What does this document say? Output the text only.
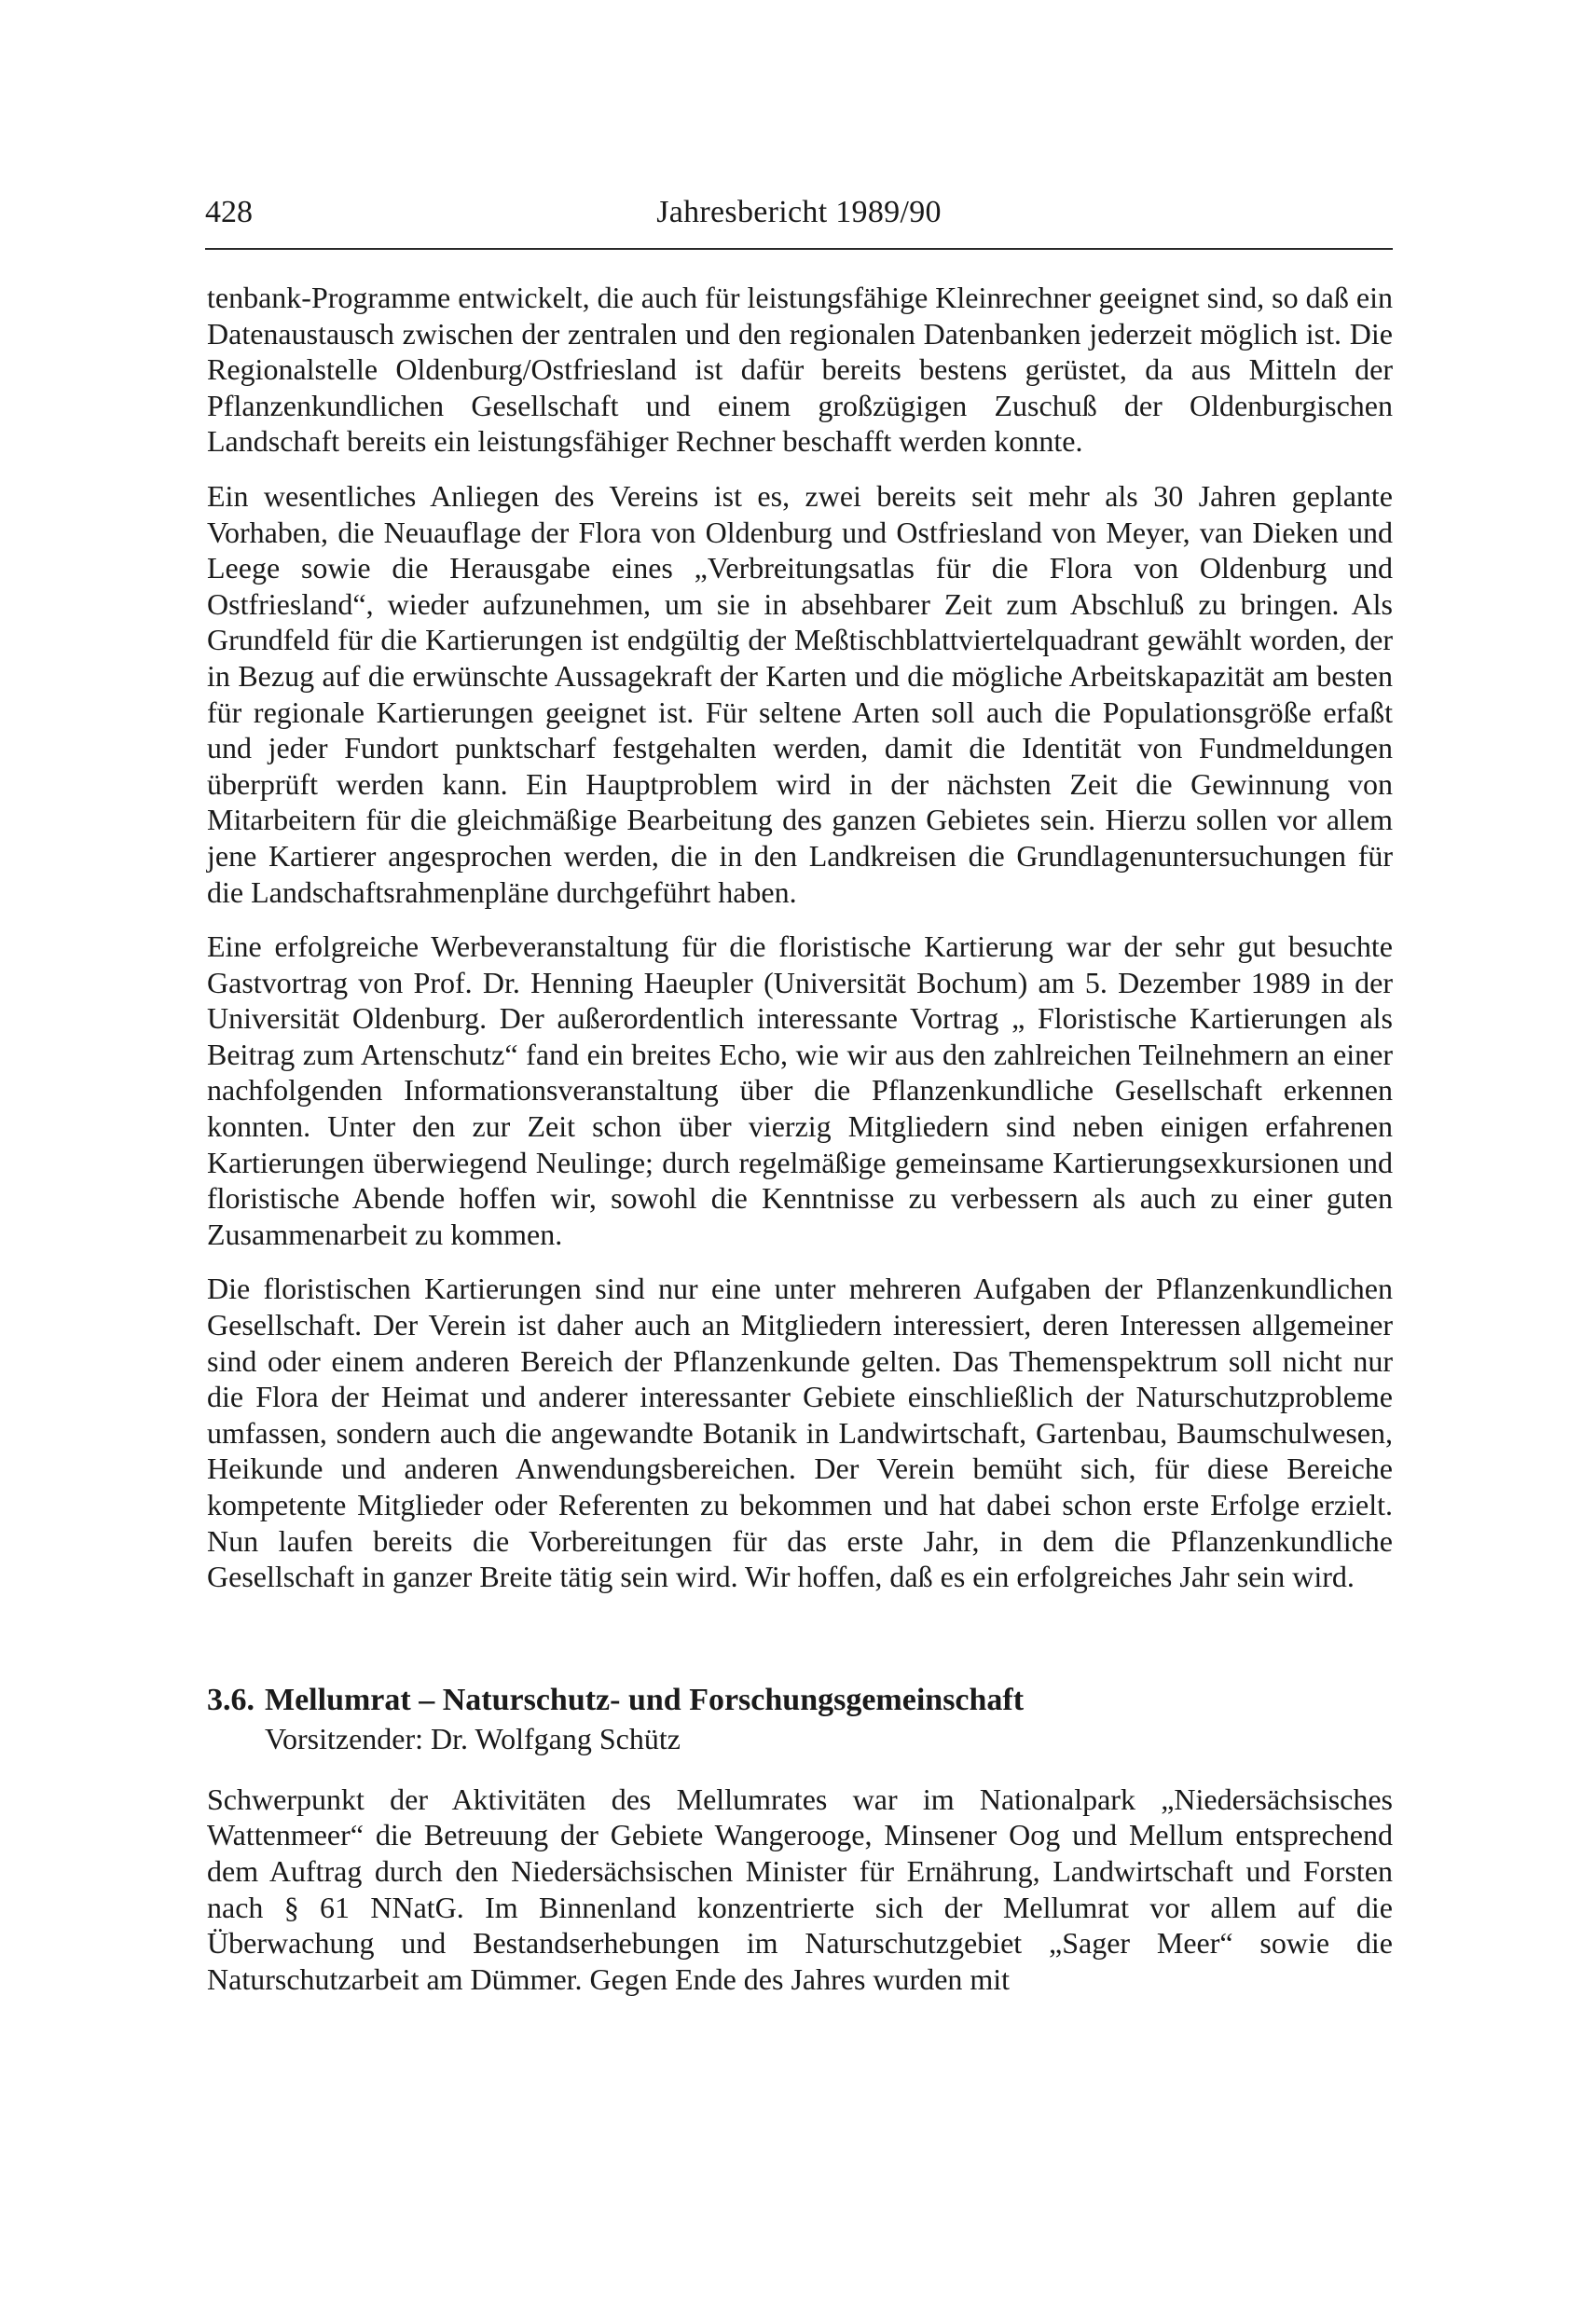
428	Jahresbericht 1989/90

tenbank-Programme entwickelt, die auch für leistungsfähige Kleinrechner geeignet sind, so daß ein Datenaustausch zwischen der zentralen und den regionalen Datenbanken jederzeit möglich ist. Die Regionalstelle Oldenburg/Ostfriesland ist dafür bereits bestens gerüstet, da aus Mitteln der Pflanzenkundlichen Gesellschaft und einem großzügigen Zuschuß der Oldenburgischen Landschaft bereits ein leistungsfähiger Rechner beschafft werden konnte.

Ein wesentliches Anliegen des Vereins ist es, zwei bereits seit mehr als 30 Jahren geplante Vorhaben, die Neuauflage der Flora von Oldenburg und Ostfriesland von Meyer, van Dieken und Leege sowie die Herausgabe eines „Verbreitungsatlas für die Flora von Oldenburg und Ostfriesland“, wieder aufzunehmen, um sie in absehbarer Zeit zum Abschluß zu bringen. Als Grundfeld für die Kartierungen ist endgültig der Meßtischblattviertelquadrant gewählt worden, der in Bezug auf die erwünschte Aussagekraft der Karten und die mögliche Arbeitskapazität am besten für regionale Kartierungen geeignet ist. Für seltene Arten soll auch die Populationsgröße erfaßt und jeder Fundort punktscharf festgehalten werden, damit die Identität von Fundmeldungen überprüft werden kann. Ein Hauptproblem wird in der nächsten Zeit die Gewinnung von Mitarbeitern für die gleichmäßige Bearbeitung des ganzen Gebietes sein. Hierzu sollen vor allem jene Kartierer angesprochen werden, die in den Landkreisen die Grundlagenuntersuchungen für die Landschaftsrahmenpläne durchgeführt haben.

Eine erfolgreiche Werbeveranstaltung für die floristische Kartierung war der sehr gut besuchte Gastvortrag von Prof. Dr. Henning Haeupler (Universität Bochum) am 5. Dezember 1989 in der Universität Oldenburg. Der außerordentlich interessante Vortrag „ Floristische Kartierungen als Beitrag zum Artenschutz“ fand ein breites Echo, wie wir aus den zahlreichen Teilnehmern an einer nachfolgenden Informationsveranstaltung über die Pflanzenkundliche Gesellschaft erkennen konnten. Unter den zur Zeit schon über vierzig Mitgliedern sind neben einigen erfahrenen Kartierungen überwiegend Neulinge; durch regelmäßige gemeinsame Kartierungsexkursionen und floristische Abende hoffen wir, sowohl die Kenntnisse zu verbessern als auch zu einer guten Zusammenarbeit zu kommen.

Die floristischen Kartierungen sind nur eine unter mehreren Aufgaben der Pflanzenkundlichen Gesellschaft. Der Verein ist daher auch an Mitgliedern interessiert, deren Interessen allgemeiner sind oder einem anderen Bereich der Pflanzenkunde gelten. Das Themenspektrum soll nicht nur die Flora der Heimat und anderer interessanter Gebiete einschließlich der Naturschutzprobleme umfassen, sondern auch die angewandte Botanik in Landwirtschaft, Gartenbau, Baumschulwesen, Heikunde und anderen Anwendungsbereichen. Der Verein bemüht sich, für diese Bereiche kompetente Mitglieder oder Referenten zu bekommen und hat dabei schon erste Erfolge erzielt. Nun laufen bereits die Vorbereitungen für das erste Jahr, in dem die Pflanzenkundliche Gesellschaft in ganzer Breite tätig sein wird. Wir hoffen, daß es ein erfolgreiches Jahr sein wird.

3.6. Mellumrat – Naturschutz- und Forschungsgemeinschaft
Vorsitzender: Dr. Wolfgang Schütz

Schwerpunkt der Aktivitäten des Mellumrates war im Nationalpark „Niedersächsisches Wattenmeer“ die Betreuung der Gebiete Wangerooge, Minsener Oog und Mellum entsprechend dem Auftrag durch den Niedersächsischen Minister für Ernährung, Landwirtschaft und Forsten nach § 61 NNatG. Im Binnenland konzentrierte sich der Mellumrat vor allem auf die Überwachung und Bestandserhebungen im Naturschutzgebiet „Sager Meer“ sowie die Naturschutzarbeit am Dümmer. Gegen Ende des Jahres wurden mit
